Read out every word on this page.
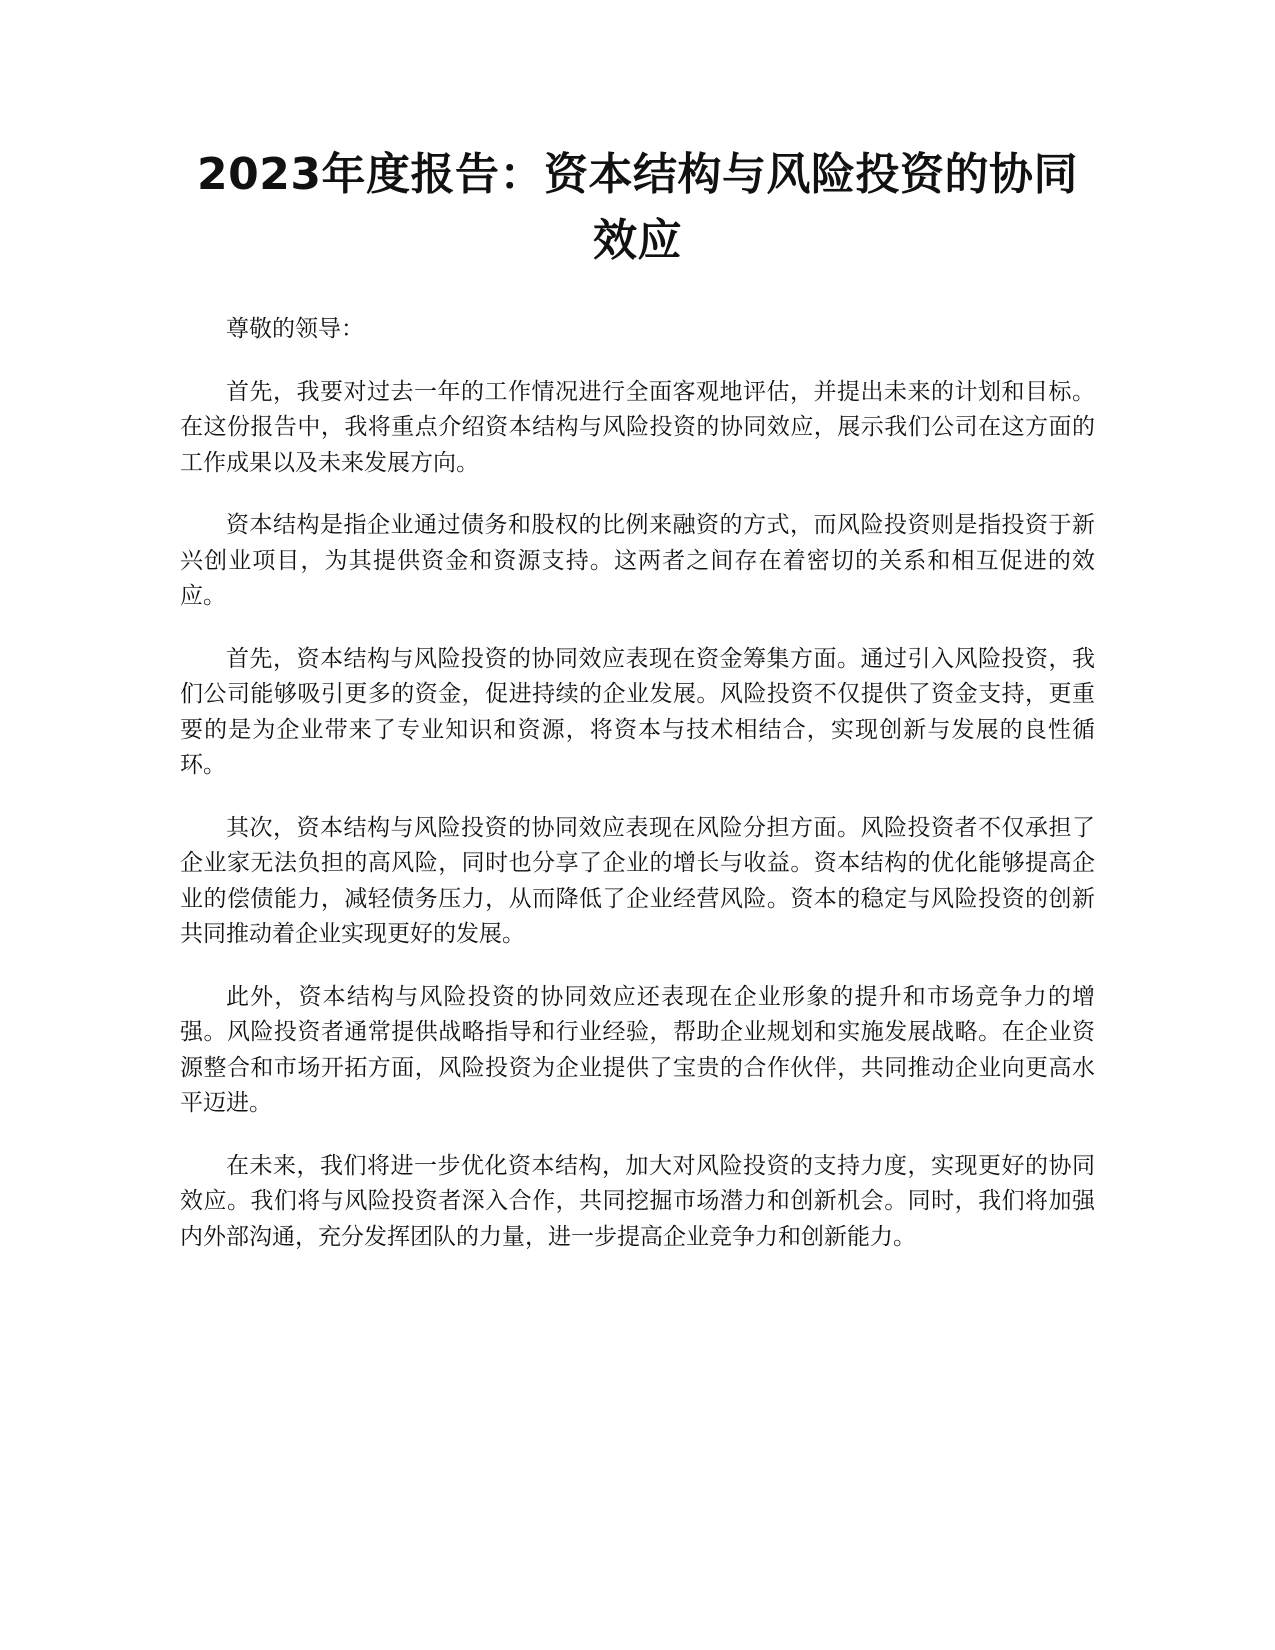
2023年度报告：资本结构与风险投资的协同效应

尊敬的领导：

首先，我要对过去一年的工作情况进行全面客观地评估，并提出未来的计划和目标。在这份报告中，我将重点介绍资本结构与风险投资的协同效应，展示我们公司在这方面的工作成果以及未来发展方向。

资本结构是指企业通过债务和股权的比例来融资的方式，而风险投资则是指投资于新兴创业项目，为其提供资金和资源支持。这两者之间存在着密切的关系和相互促进的效应。

首先，资本结构与风险投资的协同效应表现在资金筹集方面。通过引入风险投资，我们公司能够吸引更多的资金，促进持续的企业发展。风险投资不仅提供了资金支持，更重要的是为企业带来了专业知识和资源，将资本与技术相结合，实现创新与发展的良性循环。

其次，资本结构与风险投资的协同效应表现在风险分担方面。风险投资者不仅承担了企业家无法负担的高风险，同时也分享了企业的增长与收益。资本结构的优化能够提高企业的偿债能力，减轻债务压力，从而降低了企业经营风险。资本的稳定与风险投资的创新共同推动着企业实现更好的发展。

此外，资本结构与风险投资的协同效应还表现在企业形象的提升和市场竞争力的增强。风险投资者通常提供战略指导和行业经验，帮助企业规划和实施发展战略。在企业资源整合和市场开拓方面，风险投资为企业提供了宝贵的合作伙伴，共同推动企业向更高水平迈进。

在未来，我们将进一步优化资本结构，加大对风险投资的支持力度，实现更好的协同效应。我们将与风险投资者深入合作，共同挖掘市场潜力和创新机会。同时，我们将加强内外部沟通，充分发挥团队的力量，进一步提高企业竞争力和创新能力。
